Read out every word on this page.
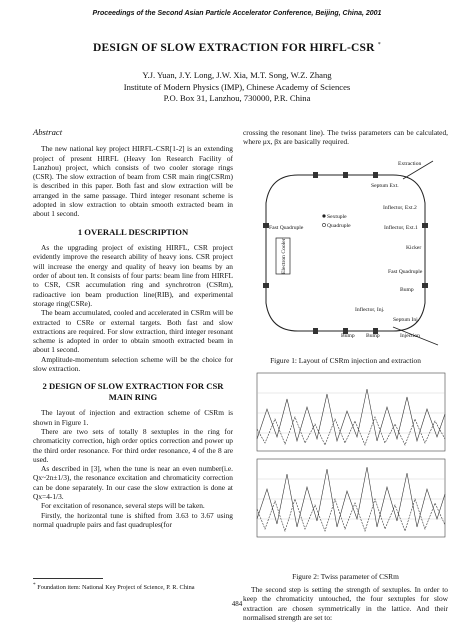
Proceedings of the Second Asian Particle Accelerator Conference, Beijing, China, 2001
DESIGN OF SLOW EXTRACTION FOR HIRFL-CSR *
Y.J. Yuan, J.Y. Long, J.W. Xia, M.T. Song, W.Z. Zhang
Institute of Modern Physics (IMP), Chinese Academy of Sciences
P.O. Box 31, Lanzhou, 730000, P.R. China
Abstract

The new national key project HIRFL-CSR[1-2] is an extending project of present HIRFL (Heavy Ion Research Facility of Lanzhou) project, which consists of two cooler storage rings (CSR). The slow extraction of beam from CSR main ring(CSRm) is described in this paper. Both fast and slow extraction will be arranged in the same passage. Third integer resonant scheme is adopted in slow extraction to obtain smooth extracted beam in about 1 second.

1 OVERALL DESCRIPTION

As the upgrading project of existing HIRFL, CSR project evidently improve the research ability of heavy ions. CSR project will increase the energy and quality of heavy ion beams by an order of about ten. It consists of four parts: beam line from HIRFL to CSR, CSR accumulation ring and synchrotron (CSRm), radioactive ion beam production line(RIB), and experimental storage ring(CSRe).

The beam accumulated, cooled and accelerated in CSRm will be extracted to CSRe or external targets. Both fast and slow extractions are required. For slow extraction, third integer resonant scheme is adopted in order to obtain smooth extracted beam in about 1 second.

Amplitude-momentum selection scheme will be the choice for slow extraction.

2 DESIGN OF SLOW EXTRACTION FOR CSR MAIN RING

The layout of injection and extraction scheme of CSRm is shown in Figure 1.

There are two sets of totally 8 sextuples in the ring for chromaticity correction, high order optics correction and power up the third order resonance. For third order resonance, 4 of the 8 are used.

As described in [3], when the tune is near an even number(i.e. Qx~2n±1/3), the resonance excitation and chromaticity correction can be done separately. In our case the slow extraction is done at Qx=4-1/3.

For excitation of resonance, several steps will be taken.

Firstly, the horizontal tune is shifted from 3.63 to 3.67 using normal quadruple pairs and fast quadruples(for

crossing the resonant line). The twiss parameters can be calculated, where μx, βx are basically required.

Extraction
Septum Ext.
Inflector, Ext.2
Fast Quadruple
Sextuple
Quadruple	Inflector, Ext.1
Kicker
Electron Cooler	Fast Quadruple
Bump
Inflector, Inj.
Septum Inj.
Bump Bump	Injection
Figure 1: Layout of CSRm injection and extraction
Figure 2: Twiss parameter of CSRm

The second step is setting the strength of sextuples. In order to keep the chromaticity untouched, the four sextuples for slow extraction are chosen symmetrically in the lattice. And their normalised strength are set to:

* Foundation item: National Key Project of Science, P. R. China
484
